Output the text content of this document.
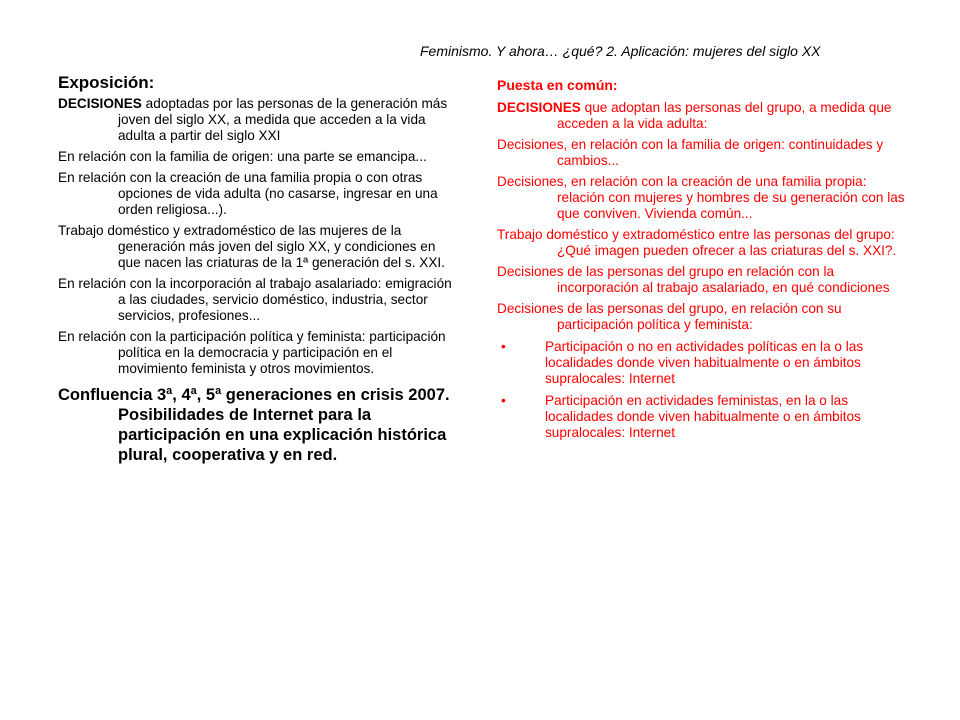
Feminismo. Y ahora… ¿qué? 2. Aplicación: mujeres del siglo XX
Exposición:

DECISIONES adoptadas por las personas de la generación más joven del siglo XX, a medida que acceden a la vida adulta a partir del siglo XXI

En relación con la familia de origen: una parte se emancipa...

En relación con la creación de una familia propia o con otras opciones de vida adulta (no casarse, ingresar en una orden religiosa...).

Trabajo doméstico y extradoméstico de las mujeres de la generación más joven del siglo XX, y condiciones en que nacen las criaturas de la 1ª generación del s. XXI.

En relación con la incorporación al trabajo asalariado: emigración a las ciudades, servicio doméstico, industria, sector servicios, profesiones...

En relación con la participación política y feminista: participación política en la democracia y participación en el movimiento feminista y otros movimientos.

Confluencia 3ª, 4ª, 5ª generaciones en crisis 2007. Posibilidades de Internet para la participación en una explicación histórica plural, cooperativa y en red.

Puesta en común:

DECISIONES que adoptan las personas del grupo, a medida que acceden a la vida adulta:

Decisiones, en relación con la familia de origen: continuidades y cambios...

Decisiones, en relación con la creación de una familia propia: relación con mujeres y hombres de su generación con las que conviven. Vivienda común...

Trabajo doméstico y extradoméstico entre las personas del grupo: ¿Qué imagen pueden ofrecer a las criaturas del s. XXI?.

Decisiones de las personas del grupo en relación con la incorporación al trabajo asalariado, en qué condiciones

Decisiones de las personas del grupo, en relación con su participación política y feminista:

•	Participación o no en actividades políticas en la o las localidades donde viven habitualmente o en ámbitos supralocales: Internet
•	Participación en actividades feministas, en la o las localidades donde viven habitualmente o en ámbitos supralocales: Internet
